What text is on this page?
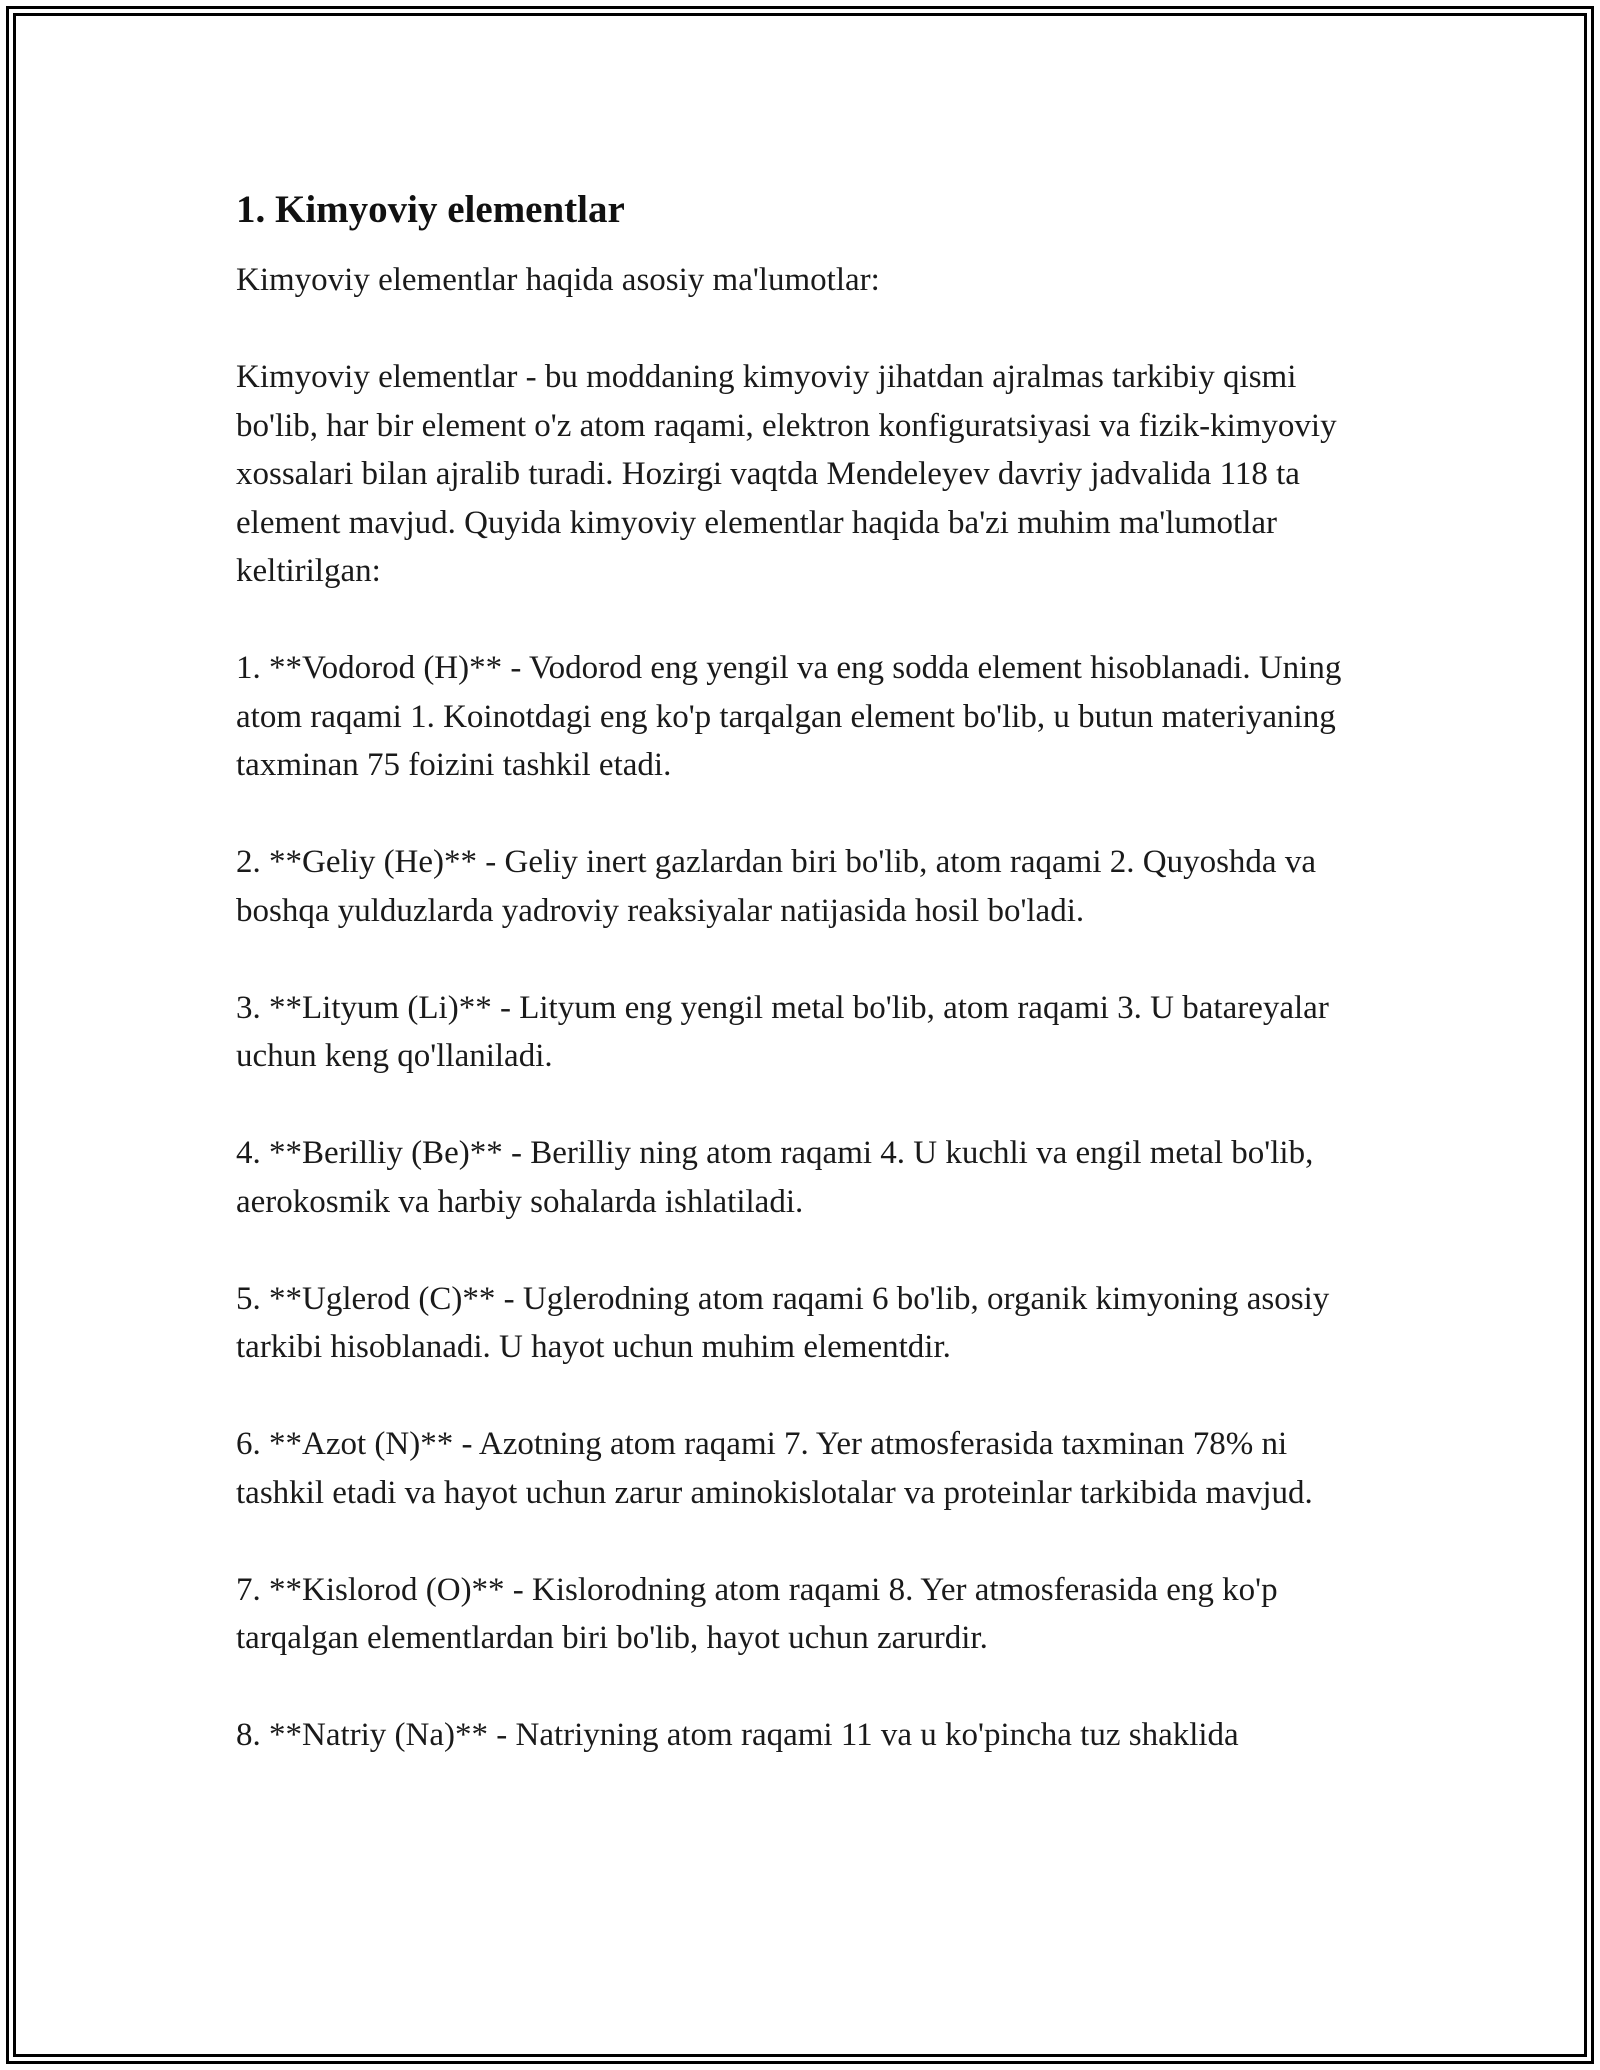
1. Kimyoviy elementlar

Kimyoviy elementlar haqida asosiy ma'lumotlar:

Kimyoviy elementlar - bu moddaning kimyoviy jihatdan ajralmas tarkibiy qismi bo'lib, har bir element o'z atom raqami, elektron konfiguratsiyasi va fizik-kimyoviy xossalari bilan ajralib turadi. Hozirgi vaqtda Mendeleyev davriy jadvalida 118 ta element mavjud. Quyida kimyoviy elementlar haqida ba'zi muhim ma'lumotlar keltirilgan:

1. **Vodorod (H)** - Vodorod eng yengil va eng sodda element hisoblanadi. Uning atom raqami 1. Koinotdagi eng ko'p tarqalgan element bo'lib, u butun materiyaning taxminan 75 foizini tashkil etadi.

2. **Geliy (He)** - Geliy inert gazlardan biri bo'lib, atom raqami 2. Quyoshda va boshqa yulduzlarda yadroviy reaksiyalar natijasida hosil bo'ladi.

3. **Lityum (Li)** - Lityum eng yengil metal bo'lib, atom raqami 3. U batareyalar uchun keng qo'llaniladi.

4. **Berilliy (Be)** - Berilliy ning atom raqami 4. U kuchli va engil metal bo'lib, aerokosmik va harbiy sohalarda ishlatiladi.

5. **Uglerod (C)** - Uglerodning atom raqami 6 bo'lib, organik kimyoning asosiy tarkibi hisoblanadi. U hayot uchun muhim elementdir.

6. **Azot (N)** - Azotning atom raqami 7. Yer atmosferasida taxminan 78% ni tashkil etadi va hayot uchun zarur aminokislotalar va proteinlar tarkibida mavjud.

7. **Kislorod (O)** - Kislorodning atom raqami 8. Yer atmosferasida eng ko'p tarqalgan elementlardan biri bo'lib, hayot uchun zarurdir.

8. **Natriy (Na)** - Natriyning atom raqami 11 va u ko'pincha tuz shaklida
